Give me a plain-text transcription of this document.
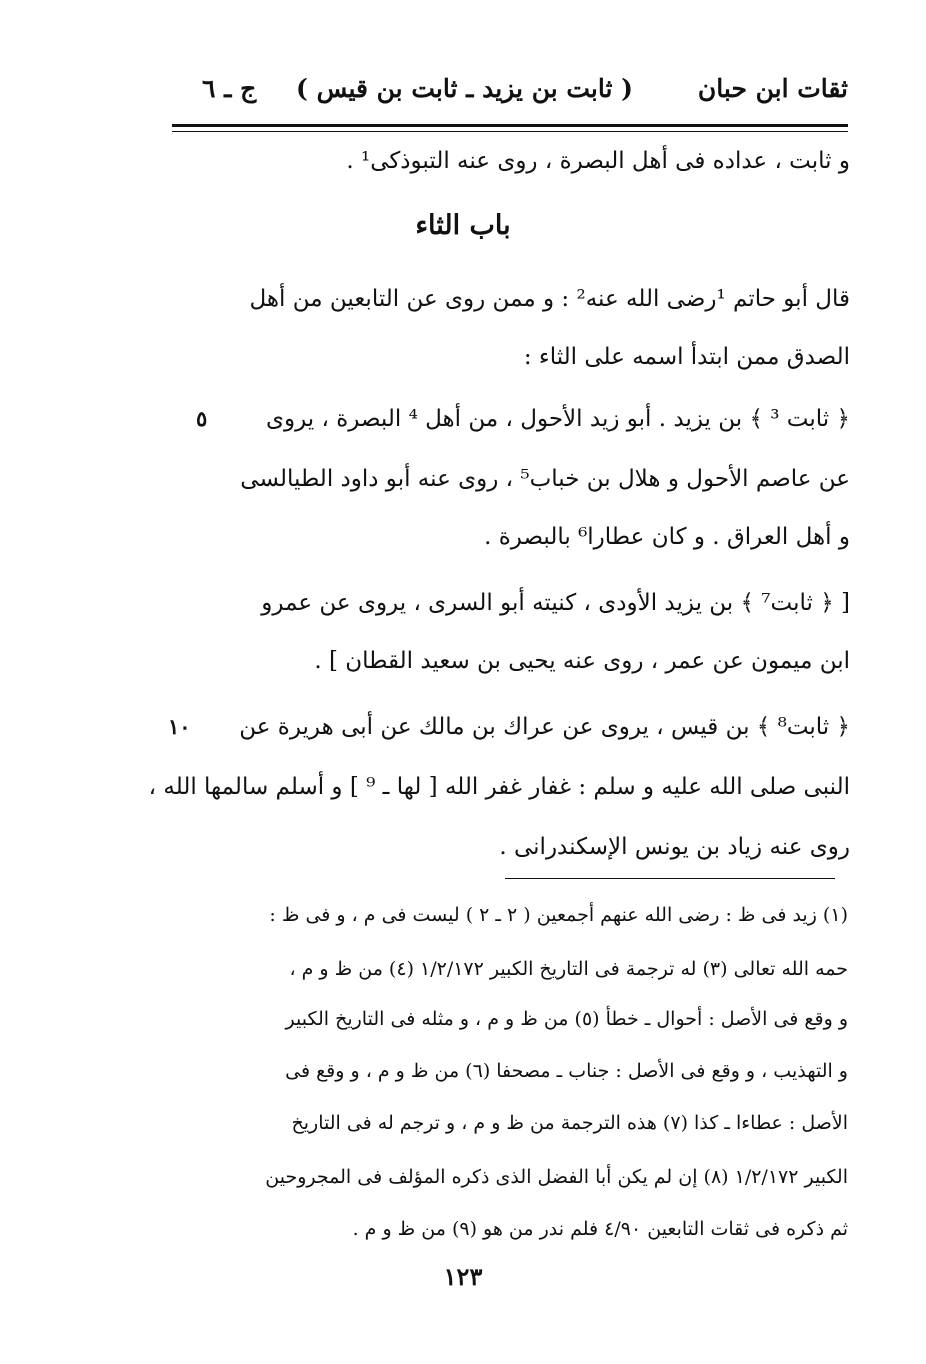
ثقات ابن حبان
( ثابت بن يزيد ـ ثابت بن قيس )
ج ـ ٦
و ثابت ، عداده فى أهل البصرة ، روى عنه التبوذكى¹ .
باب الثاء
قال أبو حاتم ¹رضى الله عنه² : و ممن روى عن التابعين من أهل
الصدق ممن ابتدأ اسمه على الثاء :
﴿ ثابت ³ ﴾ بن يزيد . أبو زيد الأحول ، من أهل ⁴ البصرة ، يروى
عن عاصم الأحول و هلال بن خباب⁵ ، روى عنه أبو داود الطيالسى
و أهل العراق . و كان عطارا⁶ بالبصرة .
[ ﴿ ثابت⁷ ﴾ بن يزيد الأودى ، كنيته أبو السرى ، يروى عن عمرو
ابن ميمون عن عمر ، روى عنه يحيى بن سعيد القطان ] .
﴿ ثابت⁸ ﴾ بن قيس ، يروى عن عراك بن مالك عن أبى هريرة عن
النبى صلى الله عليه و سلم : غفار غفر الله [ لها ـ ⁹ ] و أسلم سالمها الله ،
روى عنه زياد بن يونس الإسكندرانى .
٥
١٠
(١) زيد فى ظ : رضى الله عنهم أجمعين ( ٢ ـ ٢ ) ليست فى م ، و فى ظ :
حمه الله تعالى (٣) له ترجمة فى التاريخ الكبير ١/٢/١٧٢ (٤) من ظ و م ،
و وقع فى الأصل : أحوال ـ خطأ (٥) من ظ و م ، و مثله فى التاريخ الكبير
و التهذيب ، و وقع فى الأصل : جناب ـ مصحفا (٦) من ظ و م ، و وقع فى
الأصل : عطاءا ـ كذا (٧) هذه الترجمة من ظ و م ، و ترجم له فى التاريخ
الكبير ١/٢/١٧٢ (٨) إن لم يكن أبا الفضل الذى ذكره المؤلف فى المجروحين
ثم ذكره فى ثقات التابعين ٤/٩٠ فلم ندر من هو (٩) من ظ و م .
١٢٣
